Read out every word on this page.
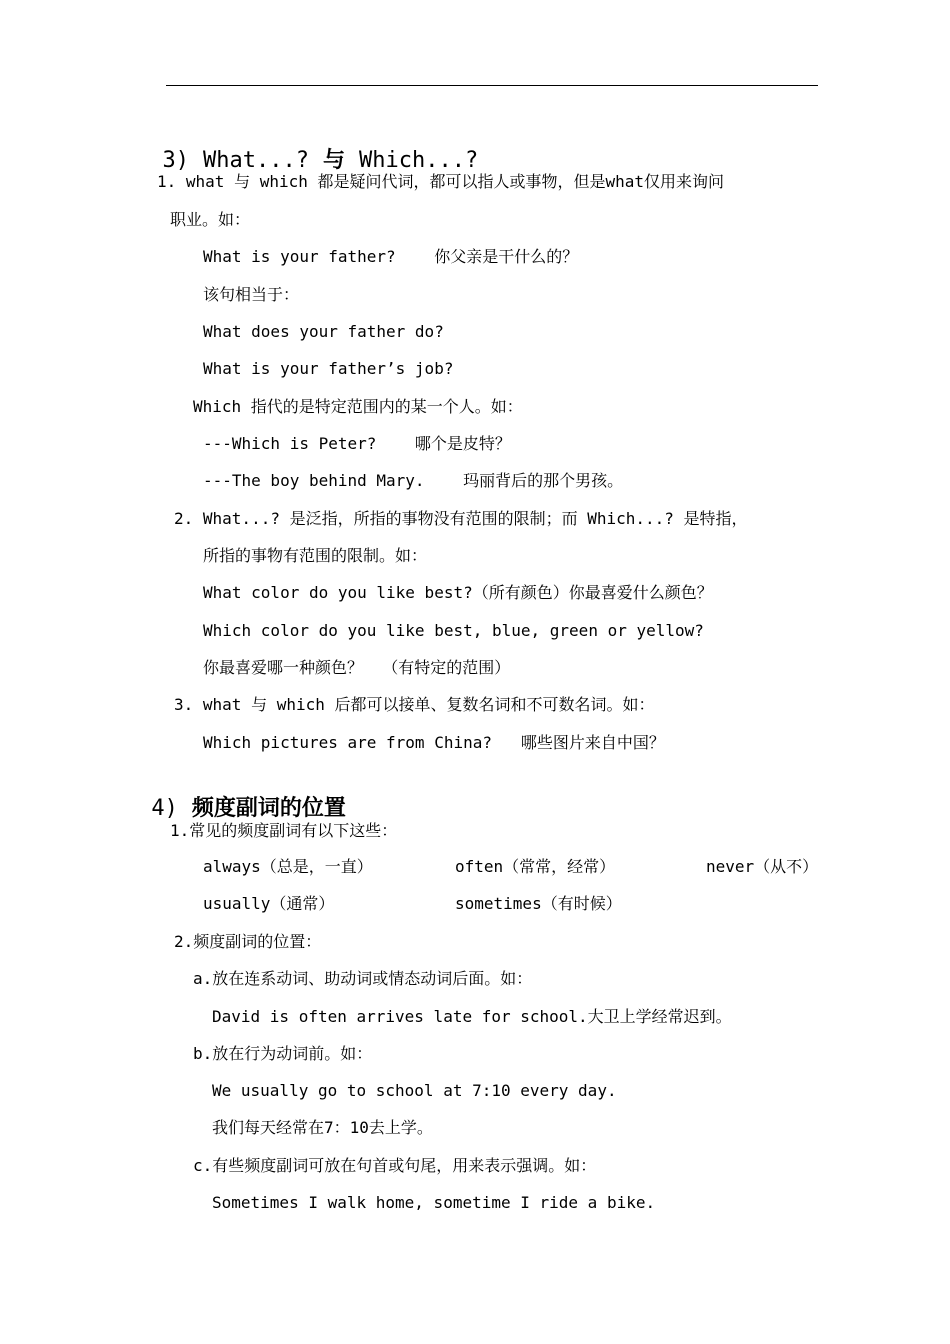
3) What...? 与 Which...?

1. what 与 which 都是疑问代词，都可以指人或事物，但是what仅用来询问
职业。如：
What is your father?    你父亲是干什么的？
该句相当于：
What does your father do?
What is your father’s job?
Which 指代的是特定范围内的某一个人。如：
---Which is Peter?    哪个是皮特？
---The boy behind Mary.    玛丽背后的那个男孩。
2. What...? 是泛指，所指的事物没有范围的限制；而 Which...? 是特指，
所指的事物有范围的限制。如：
What color do you like best?（所有颜色）你最喜爱什么颜色？
Which color do you like best, blue, green or yellow?
你最喜爱哪一种颜色？  （有特定的范围）
3. what 与 which 后都可以接单、复数名词和不可数名词。如：
Which pictures are from China?   哪些图片来自中国？

4) 频度副词的位置

1.常见的频度副词有以下这些：
always（总是，一直）	often（常常，经常）	never（从不）
usually（通常）	sometimes（有时候）
2.频度副词的位置：
a.放在连系动词、助动词或情态动词后面。如：
David is often arrives late for school.大卫上学经常迟到。
b.放在行为动词前。如：
We usually go to school at 7:10 every day.
我们每天经常在7：10去上学。
c.有些频度副词可放在句首或句尾，用来表示强调。如：
Sometimes I walk home, sometime I ride a bike.
